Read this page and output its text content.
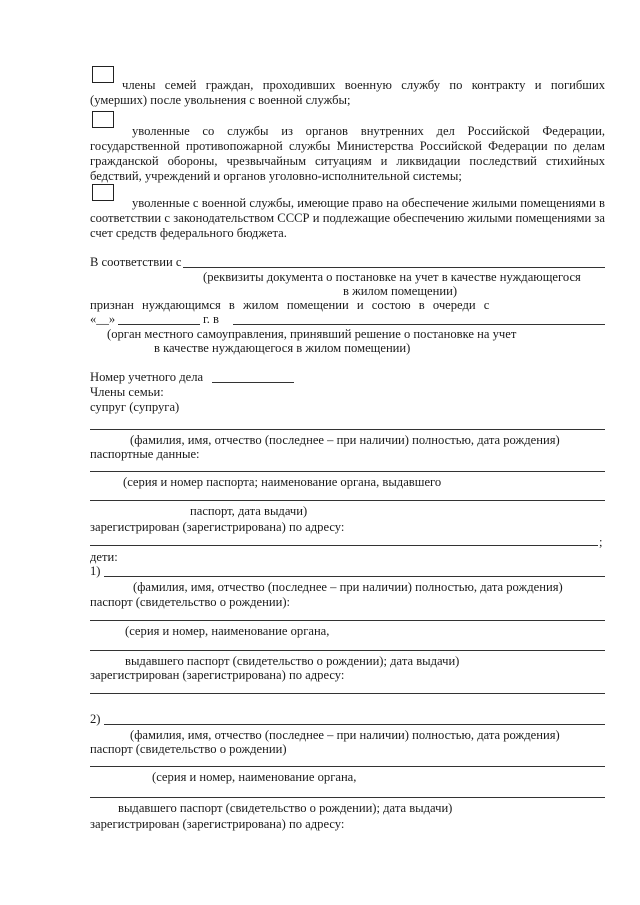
члены семей граждан, проходивших военную службу по контракту и погибших (умерших) после увольнения с военной службы;
уволенные со службы из органов внутренних дел Российской Федерации, государственной противопожарной службы Министерства Российской Федерации по делам гражданской обороны, чрезвычайным ситуациям и ликвидации последствий стихийных бедствий, учреждений и органов уголовно-исполнительной системы;
уволенные с военной службы, имеющие право на обеспечение жилыми помещениями в соответствии с законодательством СССР и подлежащие обеспечению жилыми помещениями за счет средств федерального бюджета.
В соответствии с
(реквизиты документа о постановке на учет в качестве нуждающегося
в жилом помещении)
признан нуждающимся в жилом помещении и состою в очереди с
«__»	г. в
(орган местного самоуправления, принявший решение о постановке на учет
в качестве нуждающегося в жилом помещении)
Номер учетного дела
Члены семьи:
супруг (супруга)
(фамилия, имя, отчество (последнее – при наличии) полностью, дата рождения)
паспортные данные:
(серия и номер паспорта; наименование органа, выдавшего
паспорт, дата выдачи)
зарегистрирован (зарегистрирована) по адресу:
;
дети:
1)
(фамилия, имя, отчество (последнее – при наличии) полностью, дата рождения)
паспорт (свидетельство о рождении):
(серия и номер, наименование органа,
выдавшего паспорт (свидетельство о рождении); дата выдачи)
зарегистрирован (зарегистрирована) по адресу:
2)
(фамилия, имя, отчество (последнее – при наличии) полностью, дата рождения)
паспорт (свидетельство о рождении)
(серия и номер, наименование органа,
выдавшего паспорт (свидетельство о рождении); дата выдачи)
зарегистрирован (зарегистрирована) по адресу:
